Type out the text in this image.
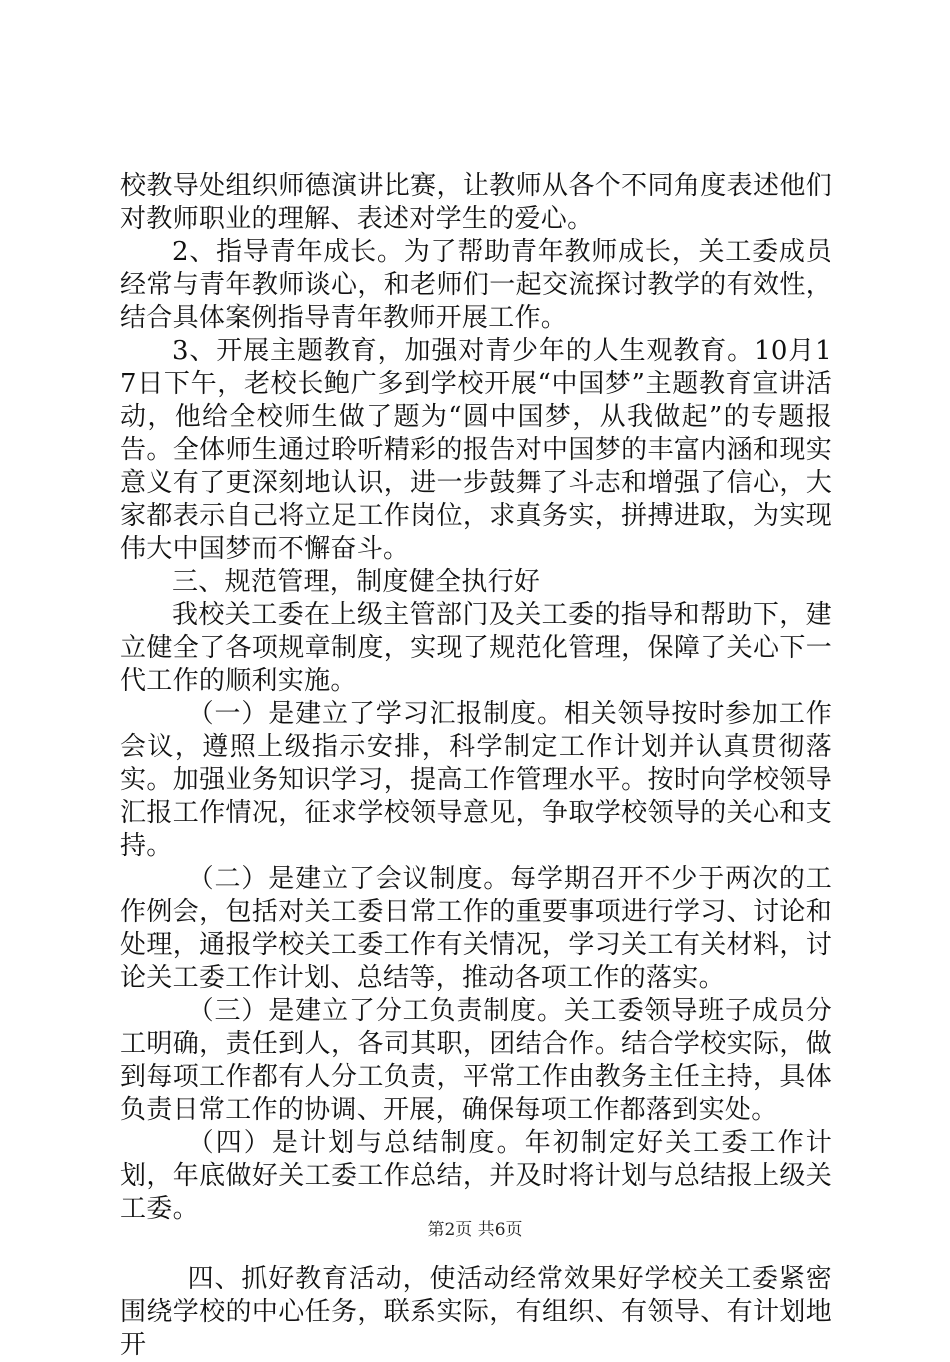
校教导处组织师德演讲比赛，让教师从各个不同角度表述他们对教师职业的理解、表述对学生的爱心。

2、指导青年成长。为了帮助青年教师成长，关工委成员经常与青年教师谈心，和老师们一起交流探讨教学的有效性，结合具体案例指导青年教师开展工作。

3、开展主题教育，加强对青少年的人生观教育。10月17日下午，老校长鲍广多到学校开展“中国梦”主题教育宣讲活动，他给全校师生做了题为“圆中国梦，从我做起”的专题报告。全体师生通过聆听精彩的报告对中国梦的丰富内涵和现实意义有了更深刻地认识，进一步鼓舞了斗志和增强了信心，大家都表示自己将立足工作岗位，求真务实，拼搏进取，为实现伟大中国梦而不懈奋斗。

三、规范管理，制度健全执行好

我校关工委在上级主管部门及关工委的指导和帮助下，建立健全了各项规章制度，实现了规范化管理，保障了关心下一代工作的顺利实施。

（一）是建立了学习汇报制度。相关领导按时参加工作会议，遵照上级指示安排，科学制定工作计划并认真贯彻落实。加强业务知识学习，提高工作管理水平。按时向学校领导汇报工作情况，征求学校领导意见，争取学校领导的关心和支持。

（二）是建立了会议制度。每学期召开不少于两次的工作例会，包括对关工委日常工作的重要事项进行学习、讨论和处理，通报学校关工委工作有关情况，学习关工有关材料，讨论关工委工作计划、总结等，推动各项工作的落实。

（三）是建立了分工负责制度。关工委领导班子成员分工明确，责任到人，各司其职，团结合作。结合学校实际，做到每项工作都有人分工负责，平常工作由教务主任主持，具体负责日常工作的协调、开展，确保每项工作都落到实处。

（四）是计划与总结制度。年初制定好关工委工作计划，年底做好关工委工作总结，并及时将计划与总结报上级关工委。

四、抓好教育活动，使活动经常效果好学校关工委紧密围绕学校的中心任务，联系实际，有组织、有领导、有计划地开

第2页 共6页
